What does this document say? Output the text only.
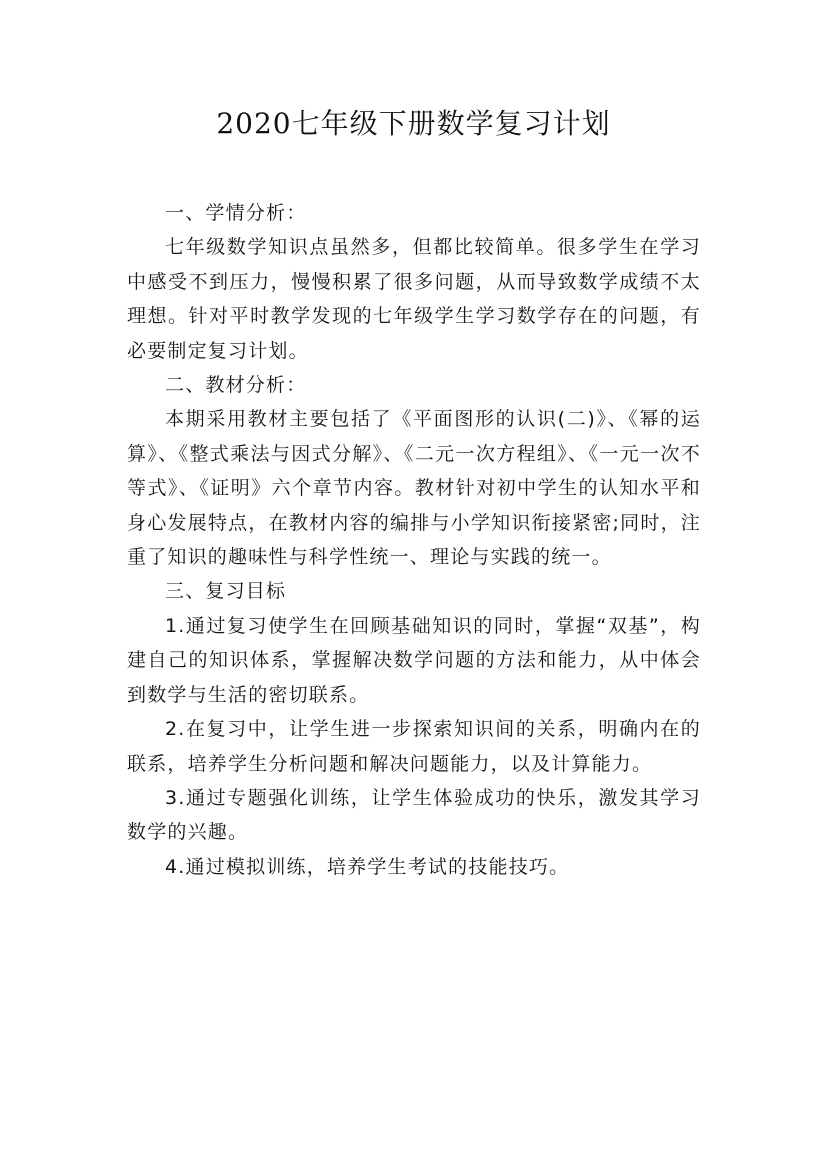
2020七年级下册数学复习计划

一、学情分析：

七年级数学知识点虽然多，但都比较简单。很多学生在学习中感受不到压力，慢慢积累了很多问题，从而导致数学成绩不太理想。针对平时教学发现的七年级学生学习数学存在的问题，有必要制定复习计划。

二、教材分析：

本期采用教材主要包括了《平面图形的认识(二)》、《幂的运算》、《整式乘法与因式分解》、《二元一次方程组》、《一元一次不等式》、《证明》六个章节内容。教材针对初中学生的认知水平和身心发展特点，在教材内容的编排与小学知识衔接紧密;同时，注重了知识的趣味性与科学性统一、理论与实践的统一。

三、复习目标

1.通过复习使学生在回顾基础知识的同时，掌握“双基”，构建自己的知识体系，掌握解决数学问题的方法和能力，从中体会到数学与生活的密切联系。

2.在复习中，让学生进一步探索知识间的关系，明确内在的联系，培养学生分析问题和解决问题能力，以及计算能力。

3.通过专题强化训练，让学生体验成功的快乐，激发其学习数学的兴趣。

4.通过模拟训练，培养学生考试的技能技巧。
